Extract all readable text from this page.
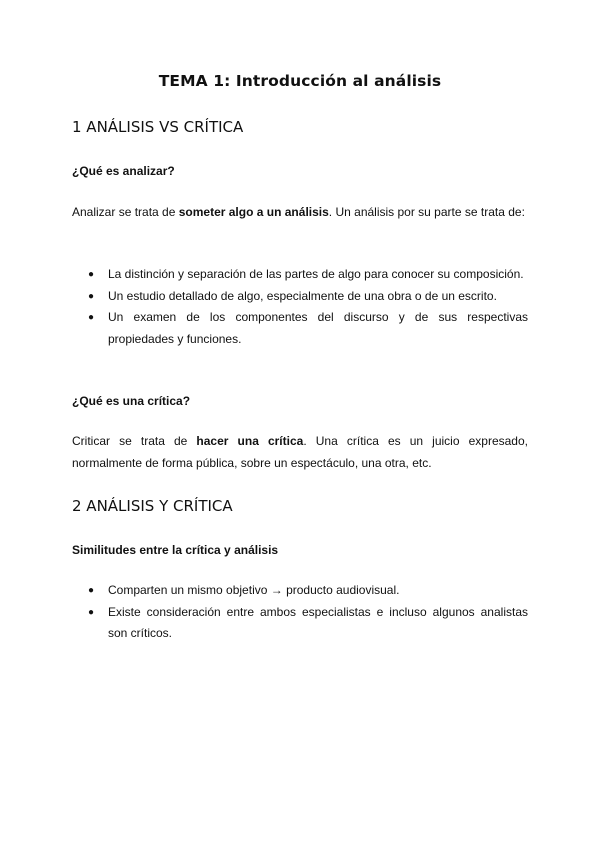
TEMA 1: Introducción al análisis
1 ANÁLISIS VS CRÍTICA
¿Qué es analizar?

Analizar se trata de someter algo a un análisis. Un análisis por su parte se trata de:

● La distinción y separación de las partes de algo para conocer su composición.
● Un estudio detallado de algo, especialmente de una obra o de un escrito.
● Un examen de los componentes del discurso y de sus respectivas propiedades y funciones.
¿Qué es una crítica?

Criticar se trata de hacer una crítica. Una crítica es un juicio expresado, normalmente de forma pública, sobre un espectáculo, una otra, etc.

2 ANÁLISIS Y CRÍTICA
Similitudes entre la crítica y análisis
● Comparten un mismo objetivo → producto audiovisual.
● Existe consideración entre ambos especialistas e incluso algunos analistas son críticos.
